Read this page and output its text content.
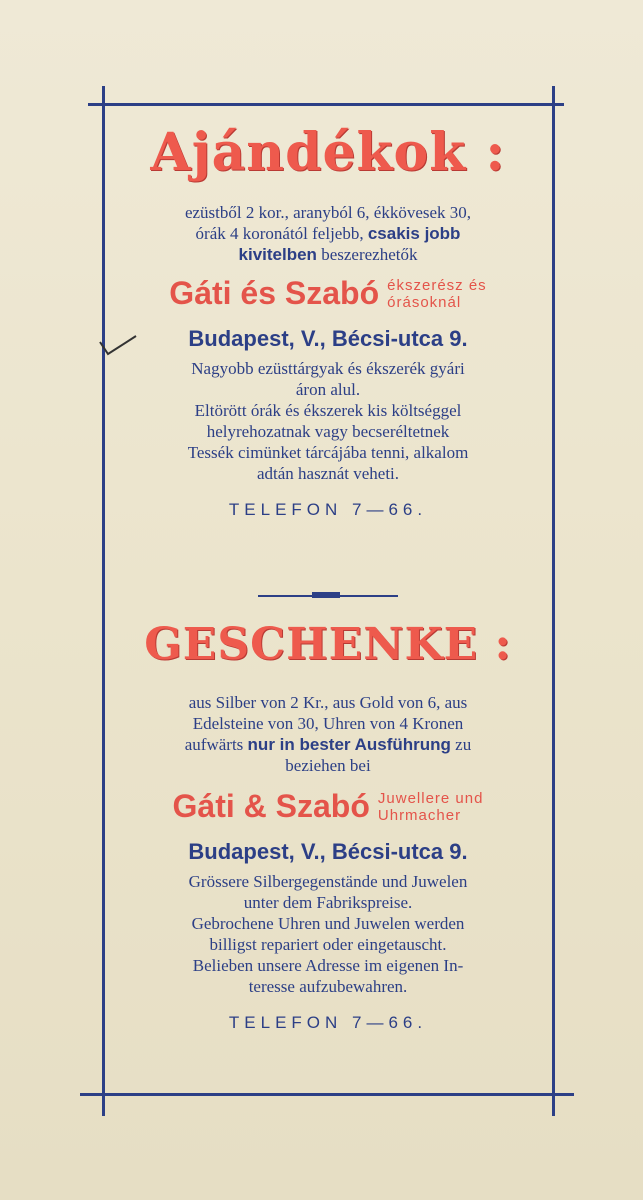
Ajándékok :
ezüstből 2 kor., aranyból 6, ékkövesek 30,
órák 4 koronától feljebb, csakis jobb
kivitelben beszerezhetők
Gáti és Szabó ékszerész és
órásoknál
Budapest, V., Bécsi-utca 9.
Nagyobb ezüsttárgyak és ékszerék gyári
áron alul.
Eltörött órák és ékszerek kis költséggel
helyrehozatnak vagy becseréltetnek
Tessék cimünket tárcájába tenni, alkalom
adtán hasznát veheti.
TELEFON 7—66.
GESCHENKE :
aus Silber von 2 Kr., aus Gold von 6, aus
Edelsteine von 30, Uhren von 4 Kronen
aufwärts nur in bester Ausführung zu
beziehen bei
Gáti & Szabó Juwellere und
Uhrmacher
Budapest, V., Bécsi-utca 9.
Grössere Silbergegenstände und Juwelen
unter dem Fabrikspreise.
Gebrochene Uhren und Juwelen werden
billigst repariert oder eingetauscht.
Belieben unsere Adresse im eigenen In-
teresse aufzubewahren.
TELEFON 7—66.
